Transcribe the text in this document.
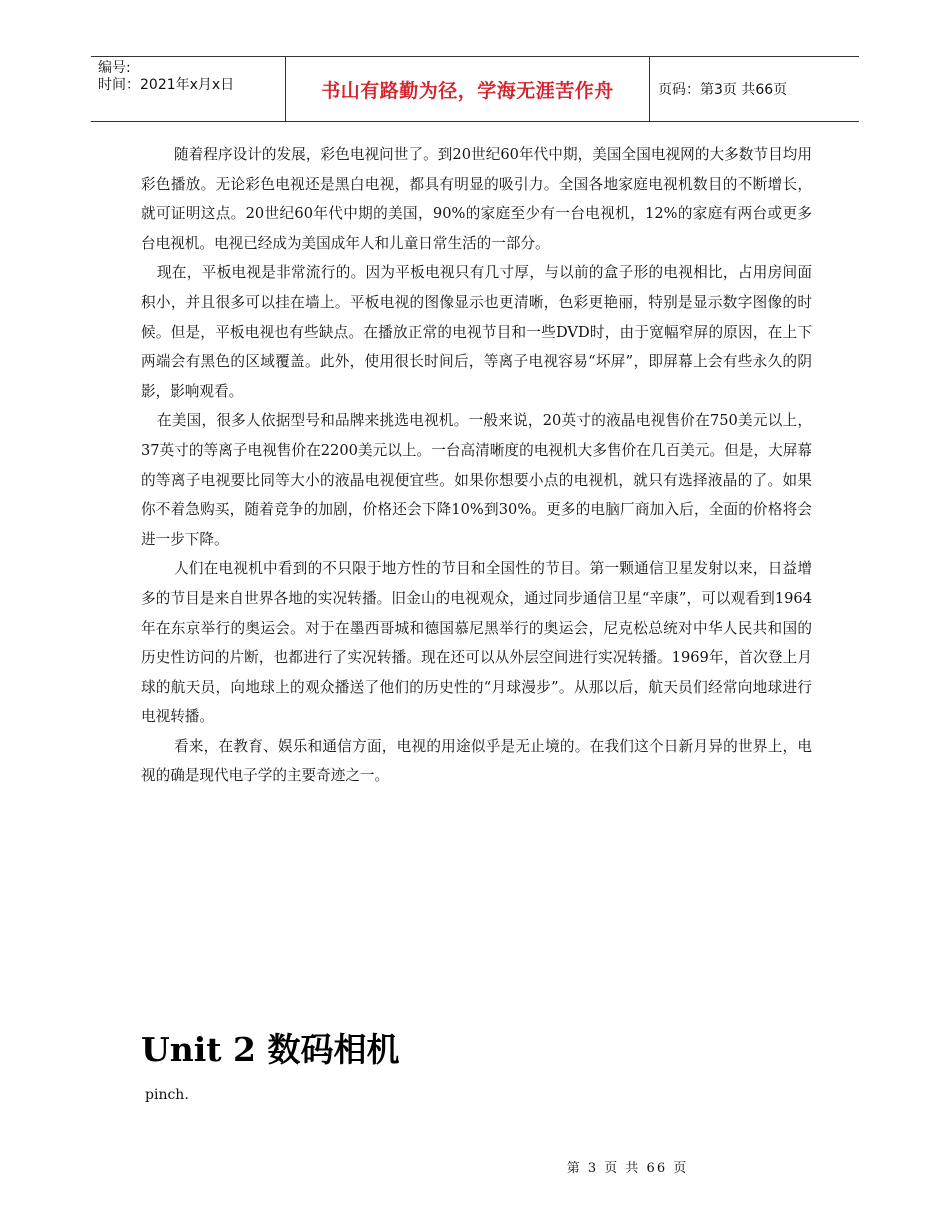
编号:
时间：2021年x月x日	书山有路勤为径，学海无涯苦作舟	页码：第3页 共66页

随着程序设计的发展，彩色电视问世了。到20世纪60年代中期，美国全国电视网的大多数节目均用彩色播放。无论彩色电视还是黑白电视，都具有明显的吸引力。全国各地家庭电视机数目的不断增长，就可证明这点。20世纪60年代中期的美国，90%的家庭至少有一台电视机，12%的家庭有两台或更多台电视机。电视已经成为美国成年人和儿童日常生活的一部分。

现在，平板电视是非常流行的。因为平板电视只有几寸厚，与以前的盒子形的电视相比，占用房间面积小，并且很多可以挂在墙上。平板电视的图像显示也更清晰，色彩更艳丽，特别是显示数字图像的时候。但是，平板电视也有些缺点。在播放正常的电视节目和一些DVD时，由于宽幅窄屏的原因，在上下两端会有黑色的区域覆盖。此外，使用很长时间后，等离子电视容易“坏屏”，即屏幕上会有些永久的阴影，影响观看。

在美国，很多人依据型号和品牌来挑选电视机。一般来说，20英寸的液晶电视售价在750美元以上，37英寸的等离子电视售价在2200美元以上。一台高清晰度的电视机大多售价在几百美元。但是，大屏幕的等离子电视要比同等大小的液晶电视便宜些。如果你想要小点的电视机，就只有选择液晶的了。如果你不着急购买，随着竞争的加剧，价格还会下降10%到30%。更多的电脑厂商加入后，全面的价格将会进一步下降。

人们在电视机中看到的不只限于地方性的节目和全国性的节目。第一颗通信卫星发射以来，日益增多的节目是来自世界各地的实况转播。旧金山的电视观众，通过同步通信卫星“辛康”，可以观看到1964年在东京举行的奥运会。对于在墨西哥城和德国慕尼黑举行的奥运会，尼克松总统对中华人民共和国的历史性访问的片断，也都进行了实况转播。现在还可以从外层空间进行实况转播。1969年，首次登上月球的航天员，向地球上的观众播送了他们的历史性的“月球漫步”。从那以后，航天员们经常向地球进行电视转播。

看来，在教育、娱乐和通信方面，电视的用途似乎是无止境的。在我们这个日新月异的世界上，电视的确是现代电子学的主要奇迹之一。

Unit 2 数码相机

pinch.

第 3 页 共 66 页
